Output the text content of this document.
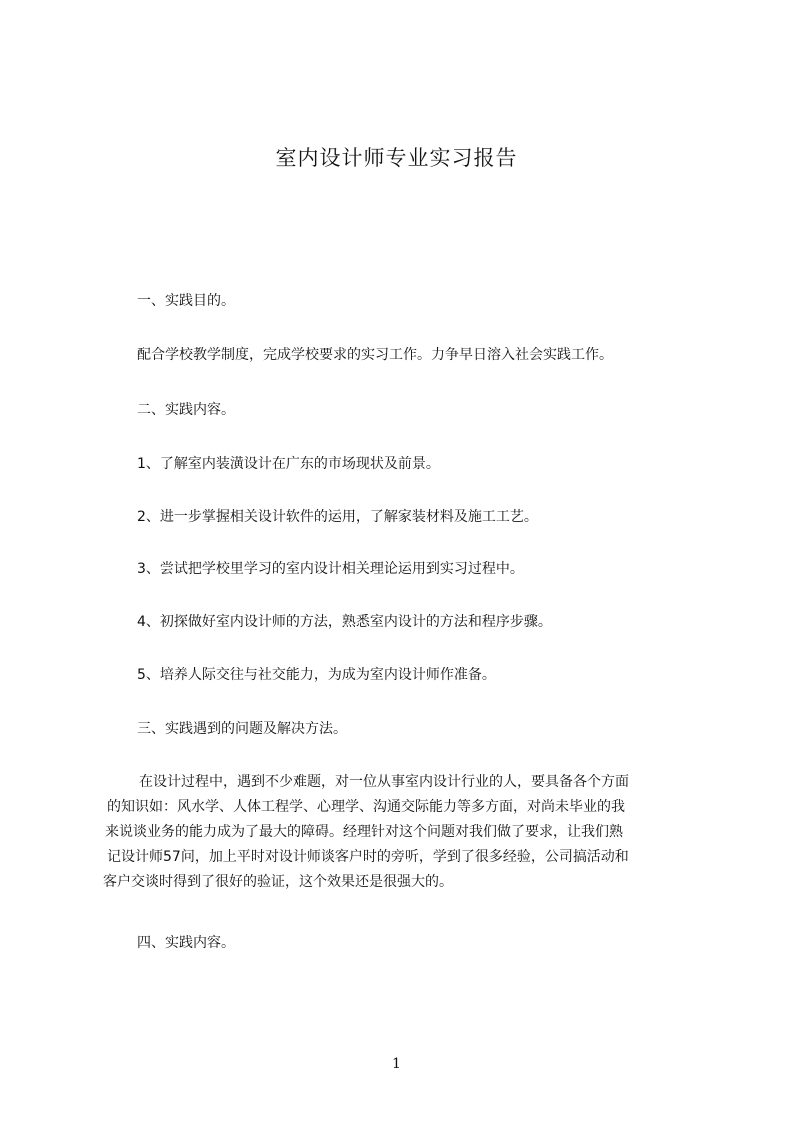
室内设计师专业实习报告
一、实践目的。
配合学校教学制度，完成学校要求的实习工作。力争早日溶入社会实践工作。
二、实践内容。
1、了解室内装潢设计在广东的市场现状及前景。
2、进一步掌握相关设计软件的运用，了解家装材料及施工工艺。
3、尝试把学校里学习的室内设计相关理论运用到实习过程中。
4、初探做好室内设计师的方法，熟悉室内设计的方法和程序步骤。
5、培养人际交往与社交能力，为成为室内设计师作准备。
三、实践遇到的问题及解决方法。
在设计过程中，遇到不少难题，对一位从事室内设计行业的人，要具备各个方面
的知识如：风水学、人体工程学、心理学、沟通交际能力等多方面，对尚未毕业的我
来说谈业务的能力成为了最大的障碍。经理针对这个问题对我们做了要求，让我们熟
记设计师57问，加上平时对设计师谈客户时的旁听，学到了很多经验，公司搞活动和
客户交谈时得到了很好的验证，这个效果还是很强大的。
四、实践内容。
1
